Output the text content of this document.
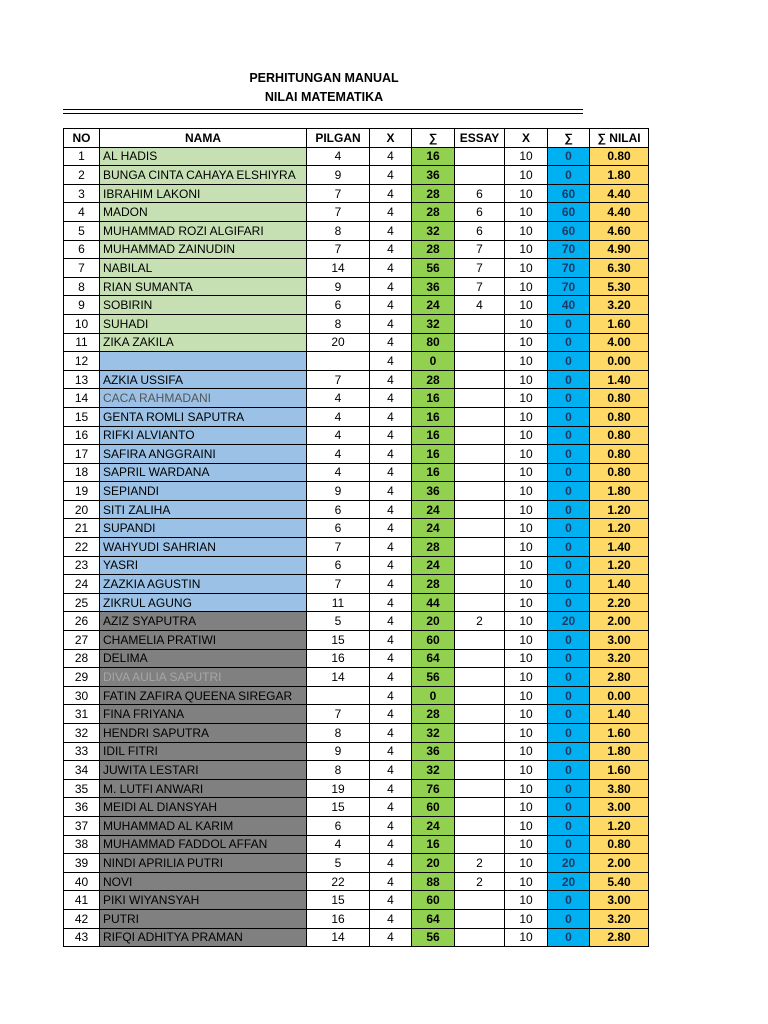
PERHITUNGAN MANUAL
NILAI MATEMATIKA
NO	NAMA	PILGAN	X	∑	ESSAY	X	∑	∑ NILAI
1	AL HADIS	4	4	16		10	0	0.80
2	BUNGA CINTA CAHAYA ELSHIYRA	9	4	36		10	0	1.80
3	IBRAHIM LAKONI	7	4	28	6	10	60	4.40
4	MADON	7	4	28	6	10	60	4.40
5	MUHAMMAD ROZI ALGIFARI	8	4	32	6	10	60	4.60
6	MUHAMMAD ZAINUDIN	7	4	28	7	10	70	4.90
7	NABILAL	14	4	56	7	10	70	6.30
8	RIAN SUMANTA	9	4	36	7	10	70	5.30
9	SOBIRIN	6	4	24	4	10	40	3.20
10	SUHADI	8	4	32		10	0	1.60
11	ZIKA ZAKILA	20	4	80		10	0	4.00
12			4	0		10	0	0.00
13	AZKIA USSIFA	7	4	28		10	0	1.40
14	CACA RAHMADANI	4	4	16		10	0	0.80
15	GENTA ROMLI SAPUTRA	4	4	16		10	0	0.80
16	RIFKI ALVIANTO	4	4	16		10	0	0.80
17	SAFIRA ANGGRAINI	4	4	16		10	0	0.80
18	SAPRIL WARDANA	4	4	16		10	0	0.80
19	SEPIANDI	9	4	36		10	0	1.80
20	SITI ZALIHA	6	4	24		10	0	1.20
21	SUPANDI	6	4	24		10	0	1.20
22	WAHYUDI SAHRIAN	7	4	28		10	0	1.40
23	YASRI	6	4	24		10	0	1.20
24	ZAZKIA AGUSTIN	7	4	28		10	0	1.40
25	ZIKRUL AGUNG	11	4	44		10	0	2.20
26	AZIZ SYAPUTRA	5	4	20	2	10	20	2.00
27	CHAMELIA PRATIWI	15	4	60		10	0	3.00
28	DELIMA	16	4	64		10	0	3.20
29	DIVA AULIA SAPUTRI	14	4	56		10	0	2.80
30	FATIN ZAFIRA QUEENA SIREGAR		4	0		10	0	0.00
31	FINA FRIYANA	7	4	28		10	0	1.40
32	HENDRI SAPUTRA	8	4	32		10	0	1.60
33	IDIL FITRI	9	4	36		10	0	1.80
34	JUWITA LESTARI	8	4	32		10	0	1.60
35	M. LUTFI ANWARI	19	4	76		10	0	3.80
36	MEIDI AL DIANSYAH	15	4	60		10	0	3.00
37	MUHAMMAD AL KARIM	6	4	24		10	0	1.20
38	MUHAMMAD FADDOL AFFAN	4	4	16		10	0	0.80
39	NINDI APRILIA PUTRI	5	4	20	2	10	20	2.00
40	NOVI	22	4	88	2	10	20	5.40
41	PIKI WIYANSYAH	15	4	60		10	0	3.00
42	PUTRI	16	4	64		10	0	3.20
43	RIFQI ADHITYA PRAMAN	14	4	56		10	0	2.80
